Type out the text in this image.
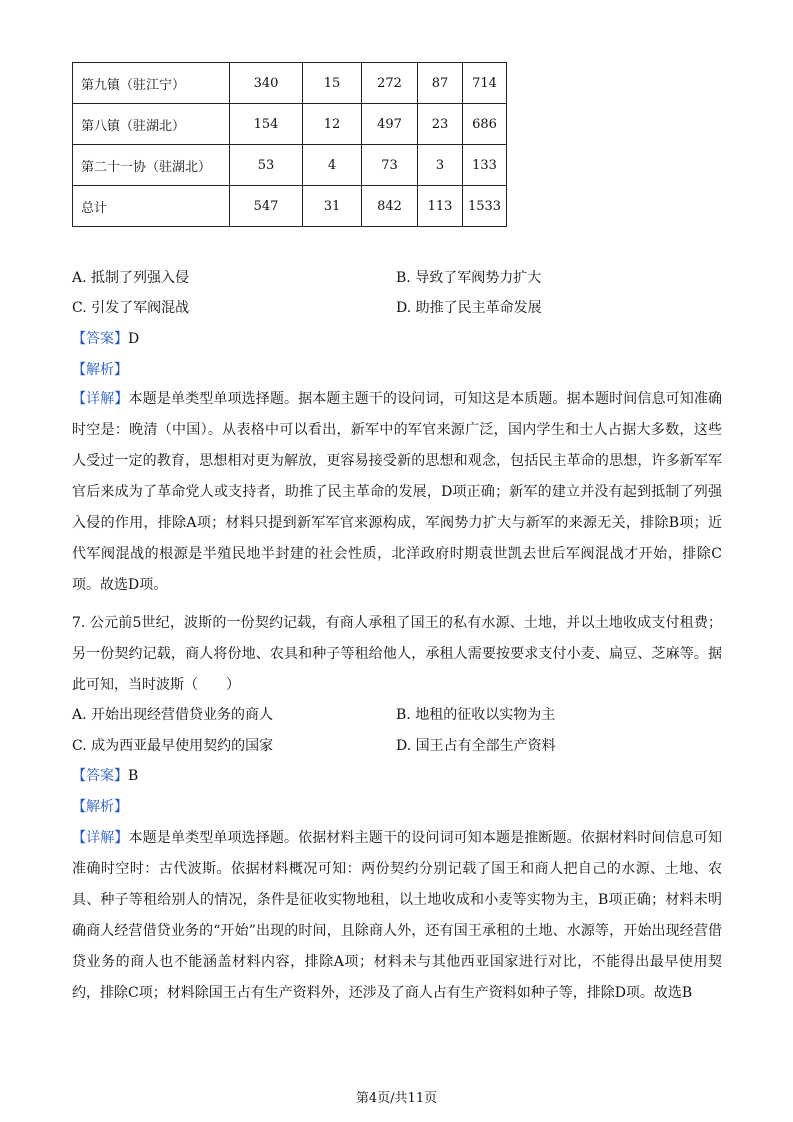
第九镇（驻江宁）	340	15	272	87	714
第八镇（驻湖北）	154	12	497	23	686
第二十一协（驻湖北）	53	4	73	3	133
总计	547	31	842	113	1533
A. 抵制了列强入侵	B. 导致了军阀势力扩大
C. 引发了军阀混战	D. 助推了民主革命发展
【答案】D
【解析】

【详解】本题是单类型单项选择题。据本题主题干的设问词，可知这是本质题。据本题时间信息可知准确时空是：晚清（中国）。从表格中可以看出，新军中的军官来源广泛，国内学生和士人占据大多数，这些人受过一定的教育，思想相对更为解放，更容易接受新的思想和观念，包括民主革命的思想，许多新军军官后来成为了革命党人或支持者，助推了民主革命的发展，D项正确；新军的建立并没有起到抵制了列强入侵的作用，排除A项；材料只提到新军军官来源构成，军阀势力扩大与新军的来源无关，排除B项；近代军阀混战的根源是半殖民地半封建的社会性质，北洋政府时期袁世凯去世后军阀混战才开始，排除C项。故选D项。

7. 公元前5世纪，波斯的一份契约记载，有商人承租了国王的私有水源、土地，并以土地收成支付租费；另一份契约记载，商人将份地、农具和种子等租给他人，承租人需要按要求支付小麦、扁豆、芝麻等。据此可知，当时波斯（　　）
A. 开始出现经营借贷业务的商人	B. 地租的征收以实物为主
C. 成为西亚最早使用契约的国家	D. 国王占有全部生产资料
【答案】B
【解析】

【详解】本题是单类型单项选择题。依据材料主题干的设问词可知本题是推断题。依据材料时间信息可知准确时空时：古代波斯。依据材料概况可知：两份契约分别记载了国王和商人把自己的水源、土地、农具、种子等租给别人的情况，条件是征收实物地租，以土地收成和小麦等实物为主，B项正确；材料未明确商人经营借贷业务的“开始”出现的时间，且除商人外，还有国王承租的土地、水源等，开始出现经营借贷业务的商人也不能涵盖材料内容，排除A项；材料未与其他西亚国家进行对比，不能得出最早使用契约，排除C项；材料除国王占有生产资料外，还涉及了商人占有生产资料如种子等，排除D项。故选B

第4页/共11页
